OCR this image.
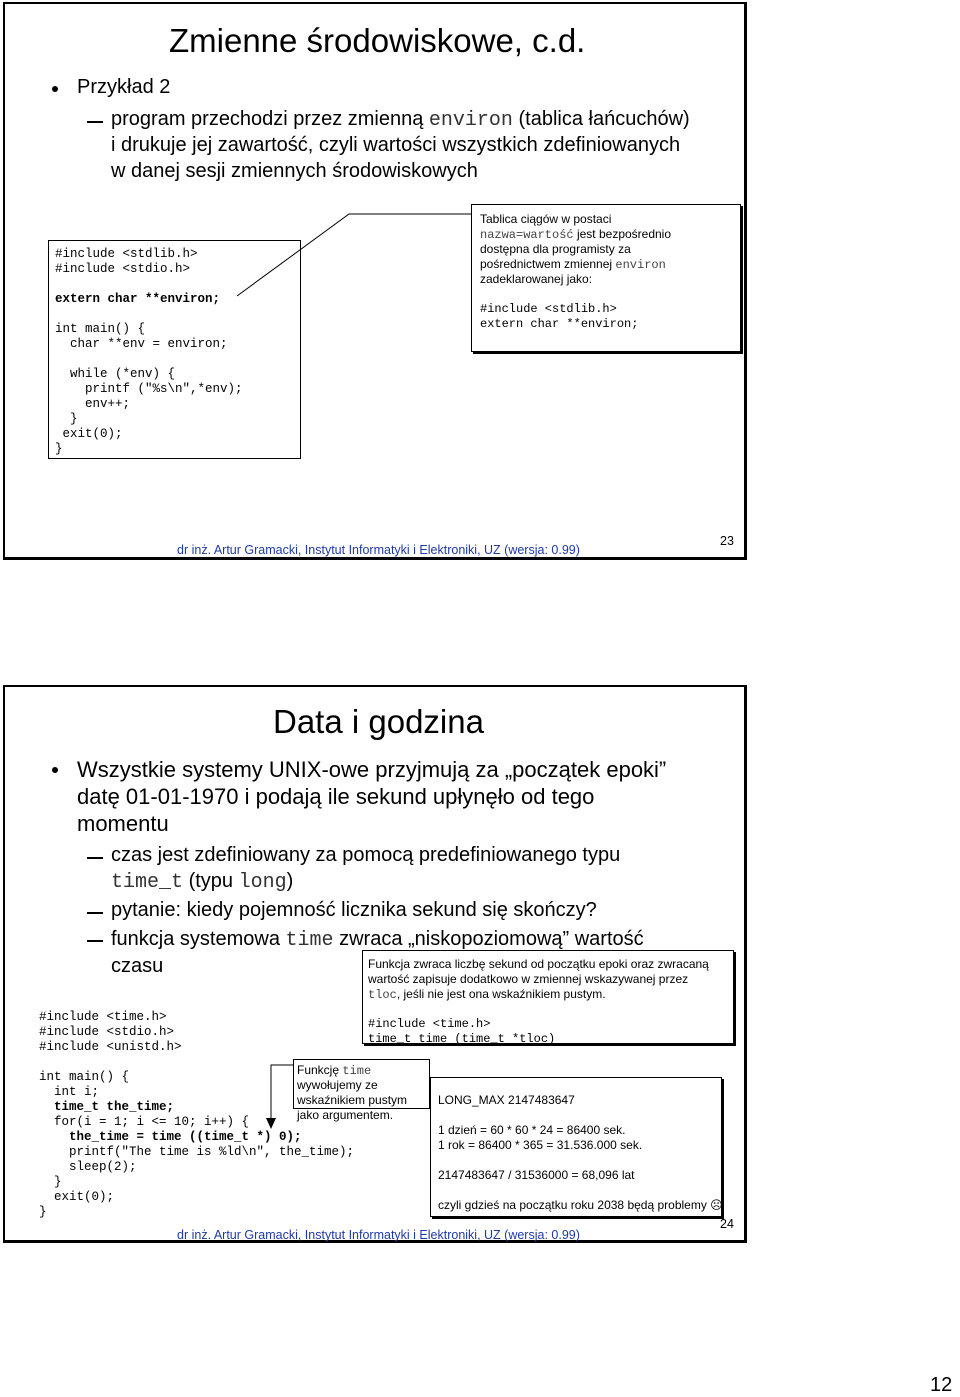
Zmienne środowiskowe, c.d.
Przykład 2
program przechodzi przez zmienną environ (tablica łańcuchów)
i drukuje jej zawartość, czyli wartości wszystkich zdefiniowanych
w danej sesji zmiennych środowiskowych
#include <stdlib.h>
#include <stdio.h>
extern char **environ;
int main() {
char **env = environ;
while (*env) {
printf ("%s\n",*env);
env++;
}
exit(0);
}
Tablica ciągów w postaci
nazwa=wartość jest bezpośrednio
dostępna dla programisty za
pośrednictwem zmiennej environ
zadeklarowanej jako:
#include <stdlib.h>
extern char **environ;
dr inż. Artur Gramacki, Instytut Informatyki i Elektroniki, UZ (wersja: 0.99)
23
Data i godzina
Wszystkie systemy UNIX-owe przyjmują za „początek epoki”
datę 01-01-1970 i podają ile sekund upłynęło od tego
momentu
czas jest zdefiniowany za pomocą predefiniowanego typu
time_t (typu long)
pytanie: kiedy pojemność licznika sekund się skończy?
funkcja systemowa time zwraca „niskopoziomową” wartość
czasu	Funkcja zwraca liczbę sekund od początku epoki oraz zwracaną
wartość zapisuje dodatkowo w zmiennej wskazywanej przez
tloc, jeśli nie jest ona wskaźnikiem pustym.
#include <time.h>
time_t time (time_t *tloc)
#include <time.h>
#include <stdio.h>
#include <unistd.h>
int main() {
int i;
time_t the_time;
for(i = 1; i <= 10; i++) {
the_time = time ((time_t *) 0);
printf("The time is %ld\n", the_time);
sleep(2);
}
exit(0);
}
Funkcję time
wywołujemy ze
wskaźnikiem pustym
jako argumentem.
LONG_MAX 2147483647
1 dzień = 60 * 60 * 24 = 86400 sek.
1 rok = 86400 * 365 = 31.536.000 sek.
2147483647 / 31536000 = 68,096 lat
czyli gdzieś na początku roku 2038 będą problemy ☹
dr inż. Artur Gramacki, Instytut Informatyki i Elektroniki, UZ (wersja: 0.99)
24
12
